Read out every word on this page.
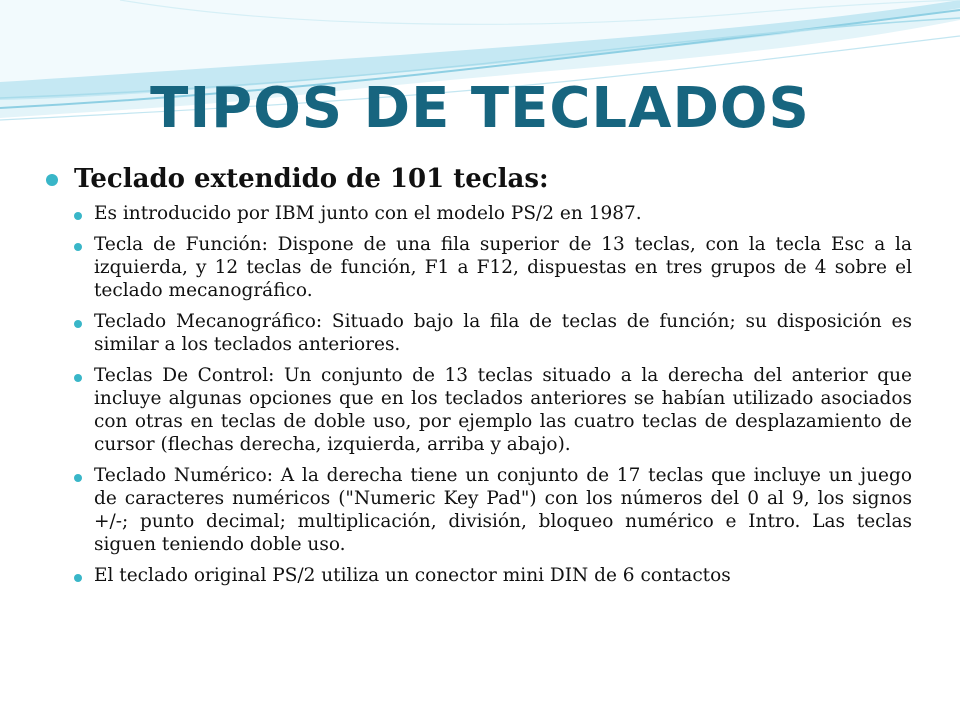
TIPOS DE TECLADOS
Teclado extendido de 101 teclas:
Es introducido por IBM junto con el modelo PS/2 en 1987.
Tecla de Función: Dispone de una fila superior de 13 teclas, con la tecla Esc a la izquierda, y 12 teclas de función, F1 a F12, dispuestas en tres grupos de 4 sobre el teclado mecanográfico.
Teclado Mecanográfico: Situado bajo la fila de teclas de función; su disposición es similar a los teclados anteriores.
Teclas De Control: Un conjunto de 13 teclas situado a la derecha del anterior que incluye algunas opciones que en los teclados anteriores se habían utilizado asociados con otras en teclas de doble uso, por ejemplo las cuatro teclas de desplazamiento de cursor (flechas derecha, izquierda, arriba y abajo).
Teclado Numérico: A la derecha tiene un conjunto de 17 teclas que incluye un juego de caracteres numéricos ("Numeric Key Pad") con los números del 0 al 9, los signos +/-; punto decimal; multiplicación, división, bloqueo numérico e Intro. Las teclas siguen teniendo doble uso.
El teclado original PS/2 utiliza un conector mini DIN de 6 contactos
